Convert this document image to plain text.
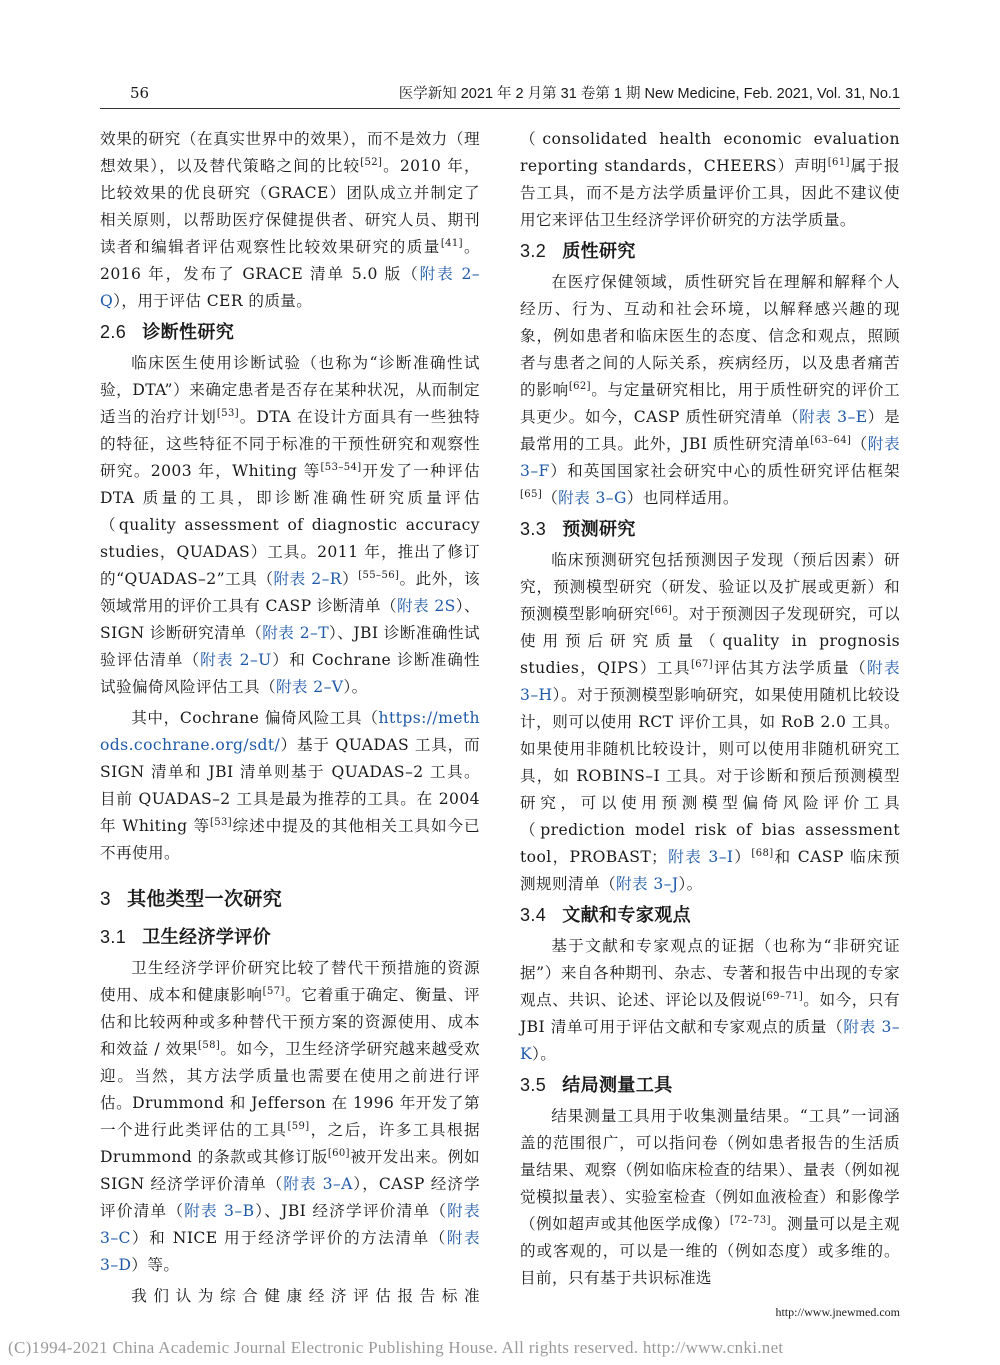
56	医学新知 2021 年 2 月第 31 卷第 1 期 New Medicine, Feb. 2021, Vol. 31, No.1

效果的研究（在真实世界中的效果），而不是效力（理想效果），以及替代策略之间的比较[52]。2010 年，比较效果的优良研究（GRACE）团队成立并制定了相关原则，以帮助医疗保健提供者、研究人员、期刊读者和编辑者评估观察性比较效果研究的质量[41]。2016 年，发布了 GRACE 清单 5.0 版（附表 2–Q），用于评估 CER 的质量。

2.6 诊断性研究

临床医生使用诊断试验（也称为“诊断准确性试验，DTA”）来确定患者是否存在某种状况，从而制定适当的治疗计划[53]。DTA 在设计方面具有一些独特的特征，这些特征不同于标准的干预性研究和观察性研究。2003 年，Whiting 等[53–54]开发了一种评估 DTA 质量的工具，即诊断准确性研究质量评估（quality assessment of diagnostic accuracy studies，QUADAS）工具。2011 年，推出了修订的“QUADAS–2”工具（附表 2–R）[55–56]。此外，该领域常用的评价工具有 CASP 诊断清单（附表 2S）、SIGN 诊断研究清单（附表 2–T）、JBI 诊断准确性试验评估清单（附表 2–U）和 Cochrane 诊断准确性试验偏倚风险评估工具（附表 2–V）。

其中，Cochrane 偏倚风险工具（https://methods.cochrane.org/sdt/）基于 QUADAS 工具，而 SIGN 清单和 JBI 清单则基于 QUADAS–2 工具。目前 QUADAS–2 工具是最为推荐的工具。在 2004 年 Whiting 等[53]综述中提及的其他相关工具如今已不再使用。

3 其他类型一次研究
3.1 卫生经济学评价

卫生经济学评价研究比较了替代干预措施的资源使用、成本和健康影响[57]。它着重于确定、衡量、评估和比较两种或多种替代干预方案的资源使用、成本和效益 / 效果[58]。如今，卫生经济学研究越来越受欢迎。当然，其方法学质量也需要在使用之前进行评估。Drummond 和 Jefferson 在 1996 年开发了第一个进行此类评估的工具[59]，之后，许多工具根据 Drummond 的条款或其修订版[60]被开发出来。例如 SIGN 经济学评价清单（附表 3–A），CASP 经济学评价清单（附表 3–B）、JBI 经济学评价清单（附表 3–C）和 NICE 用于经济学评价的方法清单（附表 3–D）等。

我们认为综合健康经济评估报告标准

（consolidated health economic evaluation reporting standards，CHEERS）声明[61]属于报告工具，而不是方法学质量评价工具，因此不建议使用它来评估卫生经济学评价研究的方法学质量。

3.2 质性研究

在医疗保健领域，质性研究旨在理解和解释个人经历、行为、互动和社会环境，以解释感兴趣的现象，例如患者和临床医生的态度、信念和观点，照顾者与患者之间的人际关系，疾病经历，以及患者痛苦的影响[62]。与定量研究相比，用于质性研究的评价工具更少。如今，CASP 质性研究清单（附表 3–E）是最常用的工具。此外，JBI 质性研究清单[63–64]（附表 3–F）和英国国家社会研究中心的质性研究评估框架[65]（附表 3–G）也同样适用。

3.3 预测研究

临床预测研究包括预测因子发现（预后因素）研究，预测模型研究（研发、验证以及扩展或更新）和预测模型影响研究[66]。对于预测因子发现研究，可以使用预后研究质量（quality in prognosis studies，QIPS）工具[67]评估其方法学质量（附表 3–H）。对于预测模型影响研究，如果使用随机比较设计，则可以使用 RCT 评价工具，如 RoB 2.0 工具。如果使用非随机比较设计，则可以使用非随机研究工具，如 ROBINS–I 工具。对于诊断和预后预测模型研究，可以使用预测模型偏倚风险评价工具（prediction model risk of bias assessment tool，PROBAST；附表 3–I）[68]和 CASP 临床预测规则清单（附表 3–J）。

3.4 文献和专家观点

基于文献和专家观点的证据（也称为“非研究证据”）来自各种期刊、杂志、专著和报告中出现的专家观点、共识、论述、评论以及假说[69–71]。如今，只有 JBI 清单可用于评估文献和专家观点的质量（附表 3–K）。

3.5 结局测量工具

结果测量工具用于收集测量结果。“工具”一词涵盖的范围很广，可以指问卷（例如患者报告的生活质量结果、观察（例如临床检查的结果）、量表（例如视觉模拟量表）、实验室检查（例如血液检查）和影像学（例如超声或其他医学成像）[72–73]。测量可以是主观的或客观的，可以是一维的（例如态度）或多维的。目前，只有基于共识标准选

http://www.jnewmed.com
(C)1994-2021 China Academic Journal Electronic Publishing House. All rights reserved. http://www.cnki.net
